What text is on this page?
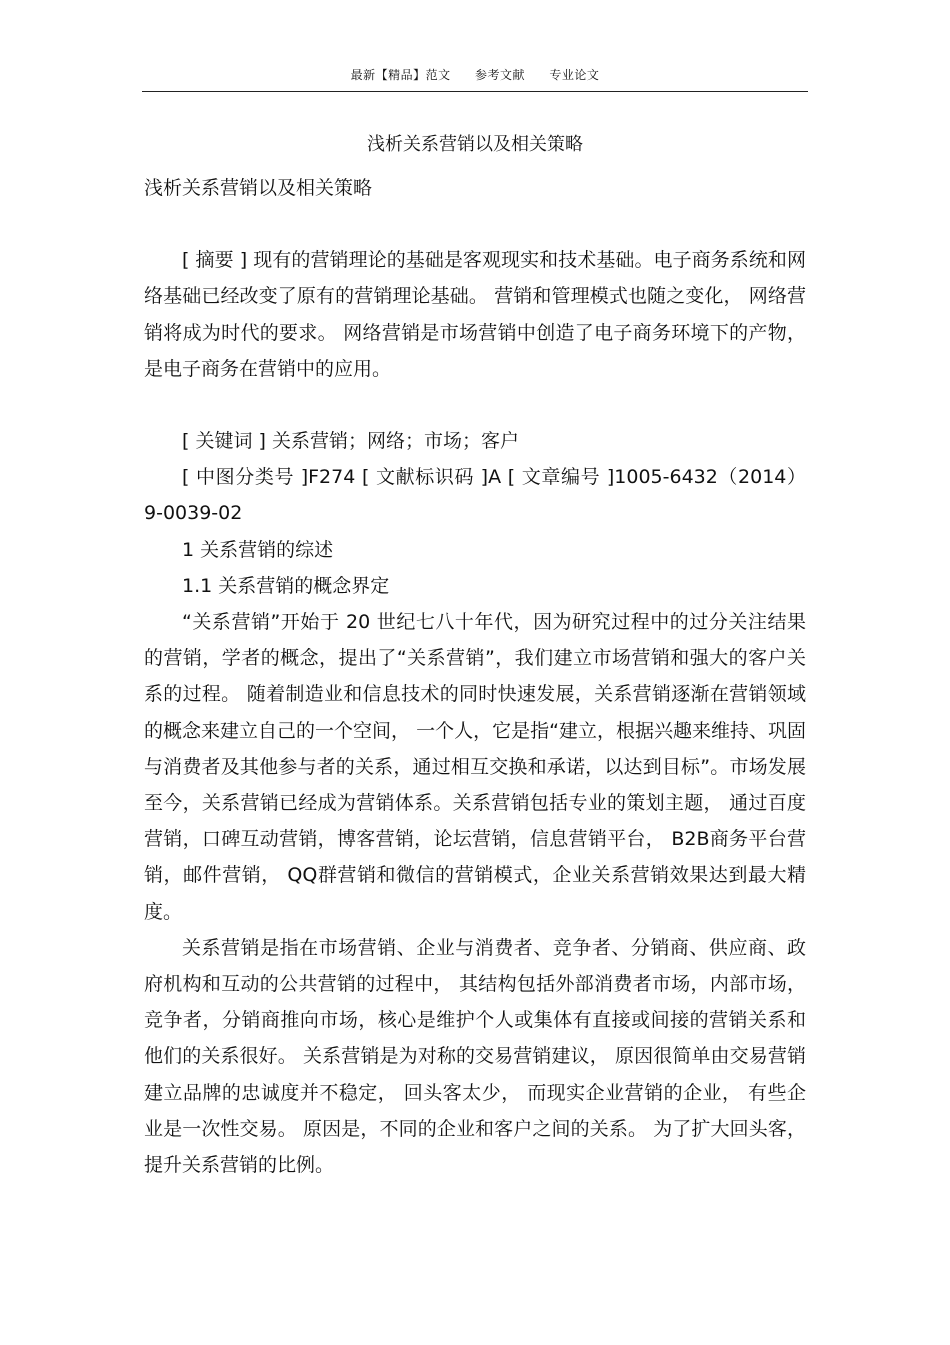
最新【精品】范文 参考文献 专业论文
浅析关系营销以及相关策略

浅析关系营销以及相关策略

[ 摘要 ] 现有的营销理论的基础是客观现实和技术基础。电子商务系统和网络基础已经改变了原有的营销理论基础。 营销和管理模式也随之变化， 网络营销将成为时代的要求。 网络营销是市场营销中创造了电子商务环境下的产物，是电子商务在营销中的应用。

[ 关键词 ] 关系营销；网络；市场；客户

[ 中图分类号 ]F274 [ 文献标识码 ]A [ 文章编号 ]1005-6432（2014）9-0039-02

1 关系营销的综述

1.1 关系营销的概念界定

“关系营销”开始于 20 世纪七八十年代，因为研究过程中的过分关注结果的营销，学者的概念，提出了“关系营销”，我们建立市场营销和强大的客户关系的过程。 随着制造业和信息技术的同时快速发展，关系营销逐渐在营销领域的概念来建立自己的一个空间， 一个人，它是指“建立，根据兴趣来维持、巩固与消费者及其他参与者的关系，通过相互交换和承诺，以达到目标”。市场发展至今，关系营销已经成为营销体系。关系营销包括专业的策划主题， 通过百度营销，口碑互动营销，博客营销，论坛营销，信息营销平台， B2B商务平台营销，邮件营销， QQ群营销和微信的营销模式，企业关系营销效果达到最大精度。

关系营销是指在市场营销、企业与消费者、竞争者、分销商、供应商、政府机构和互动的公共营销的过程中， 其结构包括外部消费者市场，内部市场，竞争者，分销商推向市场，核心是维护个人或集体有直接或间接的营销关系和他们的关系很好。 关系营销是为对称的交易营销建议， 原因很简单由交易营销建立品牌的忠诚度并不稳定， 回头客太少， 而现实企业营销的企业， 有些企业是一次性交易。 原因是，不同的企业和客户之间的关系。 为了扩大回头客， 提升关系营销的比例。
